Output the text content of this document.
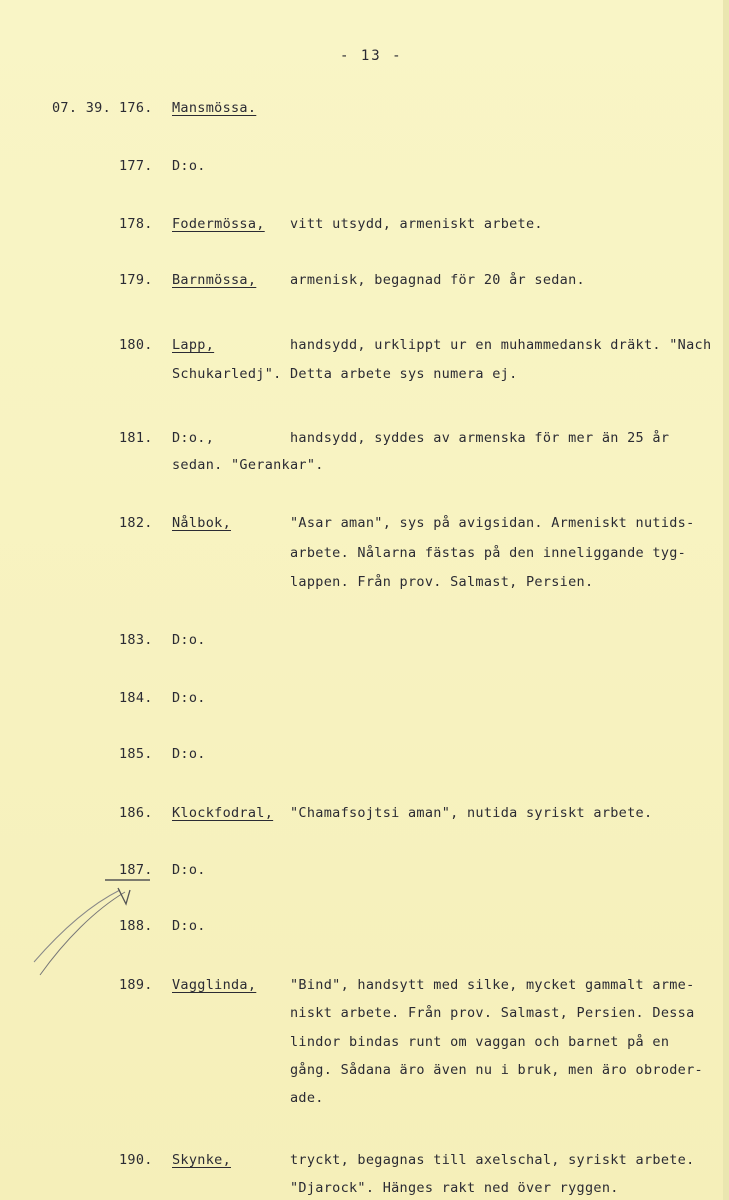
- 13 -
07. 39. 176. Mansmössa.
177. D:o.
178. Fodermössa, vitt utsydd, armeniskt arbete.
179. Barnmössa, armenisk, begagnad för 20 år sedan.
180. Lapp,	handsydd, urklippt ur en muhammedansk dräkt. "Nach
Schukarledj". Detta arbete sys numera ej.
181. D:o.,	handsydd, syddes av armenska för mer än 25 år
sedan. "Gerankar".
182. Nålbok,	"Asar aman", sys på avigsidan. Armeniskt nutids-
arbete. Nålarna fästas på den inneliggande tyg-
lappen. Från prov. Salmast, Persien.
183. D:o.
184. D:o.
185. D:o.
186. Klockfodral, "Chamafsojtsi aman", nutida syriskt arbete.
187. D:o.
188. D:o.
189. Vagglinda, "Bind", handsytt med silke, mycket gammalt arme-
niskt arbete. Från prov. Salmast, Persien. Dessa
lindor bindas runt om vaggan och barnet på en
gång. Sådana äro även nu i bruk, men äro obroder-
ade.
190. Skynke,	tryckt, begagnas till axelschal, syriskt arbete.
"Djarock". Hänges rakt ned över ryggen.
